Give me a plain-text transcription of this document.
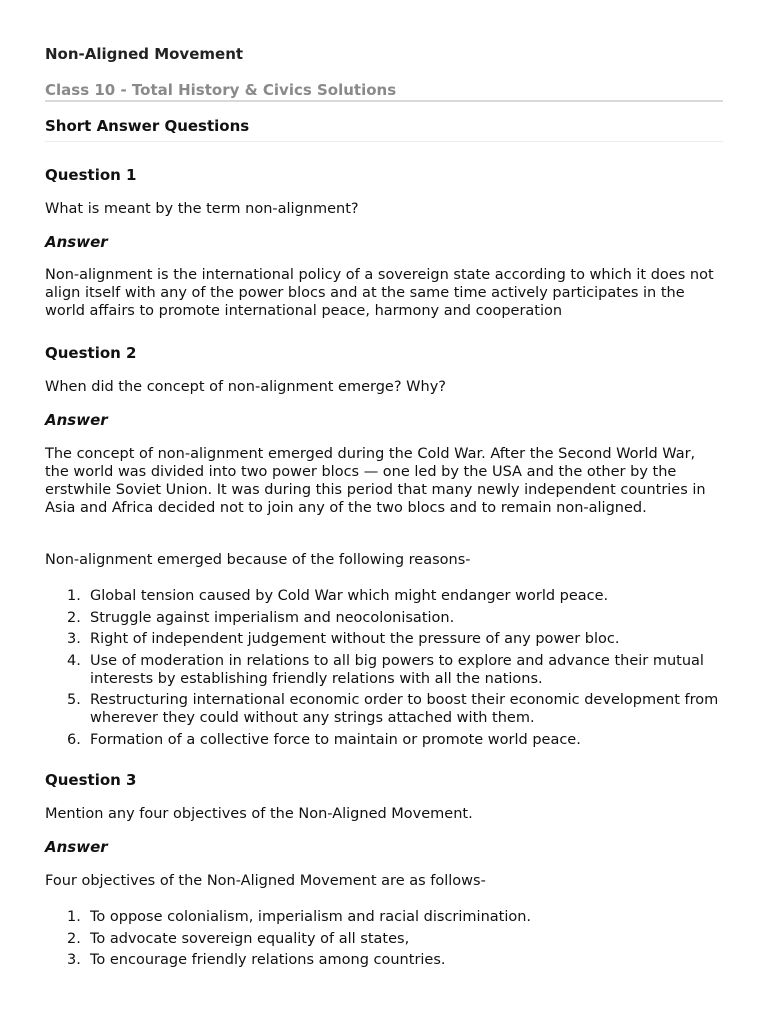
Non-Aligned Movement
Class 10 - Total History & Civics Solutions
Short Answer Questions
Question 1
What is meant by the term non-alignment?
Answer
Non-alignment is the international policy of a sovereign state according to which it does not align itself with any of the power blocs and at the same time actively participates in the world affairs to promote international peace, harmony and cooperation
Question 2
When did the concept of non-alignment emerge? Why?
Answer
The concept of non-alignment emerged during the Cold War. After the Second World War, the world was divided into two power blocs — one led by the USA and the other by the erstwhile Soviet Union. It was during this period that many newly independent countries in Asia and Africa decided not to join any of the two blocs and to remain non-aligned.
Non-alignment emerged because of the following reasons-
1. Global tension caused by Cold War which might endanger world peace.
2. Struggle against imperialism and neocolonisation.
3. Right of independent judgement without the pressure of any power bloc.
4. Use of moderation in relations to all big powers to explore and advance their mutual interests by establishing friendly relations with all the nations.
5. Restructuring international economic order to boost their economic development from wherever they could without any strings attached with them.
6. Formation of a collective force to maintain or promote world peace.
Question 3
Mention any four objectives of the Non-Aligned Movement.
Answer
Four objectives of the Non-Aligned Movement are as follows-
1. To oppose colonialism, imperialism and racial discrimination.
2. To advocate sovereign equality of all states,
3. To encourage friendly relations among countries.
